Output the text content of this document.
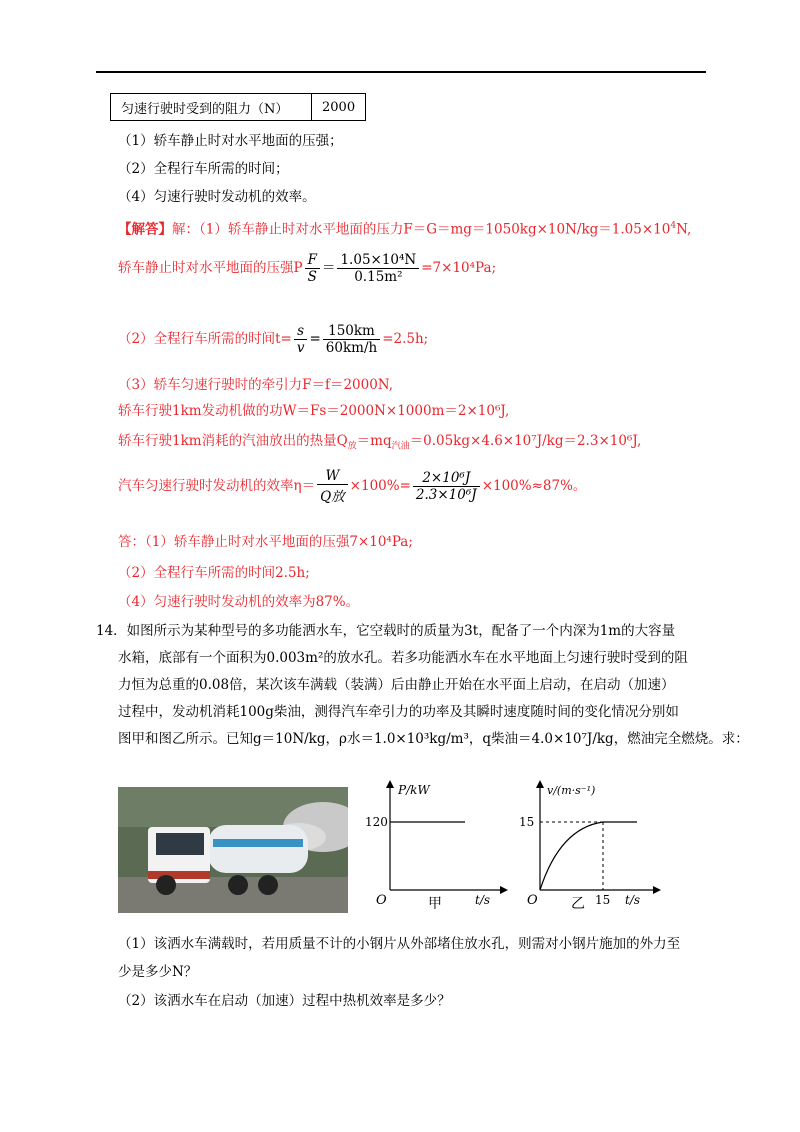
匀速行驶时受到的阻力（N）	2000
（1）轿车静止时对水平地面的压强；
（2）全程行车所需的时间；
（4）匀速行驶时发动机的效率。
【解答】解：（1）轿车静止时对水平地面的压力$F=G=mg=1050kg\times 10N/kg=1.05\times 10^4N$,
轿车静止时对水平地面的压强P $\frac{F}{S} = \frac{\text{1.05×10⁴N}}{\text{0.15m²}} =7\times 10^4Pa$;
（2）全程行车所需的时间$t= \frac{s}{v} = \frac{150km}{60km/h} =2.5h$;
（3）轿车匀速行驶时的牵引力F＝f＝2000N,
轿车行驶1km发动机做的功W＝Fs＝2000N×1000m＝2×10⁶J,
轿车行驶1km消耗的汽油放出的热量$Q_放=mq_{汽油}=0.05kg\times 4.6\times 10^7J/kg=2.3\times 10^6J$,
汽车匀速行驶时发动机的效率$\eta= \frac{W}{\text{Q放}} \times 100\%= \frac{\text{2×10⁶J}}{\text{2.3×10⁶J}} \times 100\%\approx 87\%$。
答：（1）轿车静止时对水平地面的压强7×10⁴Pa;
（2）全程行车所需的时间2.5h;
（4）匀速行驶时发动机的效率为87%。
14．如图所示为某种型号的多功能洒水车，它空载时的质量为3t，配备了一个内深为1m的大容量
水箱，底部有一个面积为0.003m²的放水孔。若多功能洒水车在水平地面上匀速行驶时受到的阻
力恒为总重的0.08倍，某次该车满载（装满）后由静止开始在水平面上启动，在启动（加速）
过程中，发动机消耗100g柴油，测得汽车牵引力的功率及其瞬时速度随时间的变化情况分别如
图甲和图乙所示。已知g＝10N/kg，ρ水＝1.0×10³kg/m³，q柴油＝4.0×10⁷J/kg，燃油完全燃烧。求：
P/kW
120
O	t/s
甲
v/(m·s⁻¹)
15
15
O	t/s
乙
（1）该洒水车满载时，若用质量不计的小钢片从外部堵住放水孔，则需对小钢片施加的外力至
少是多少N？
（2）该洒水车在启动（加速）过程中热机效率是多少？
